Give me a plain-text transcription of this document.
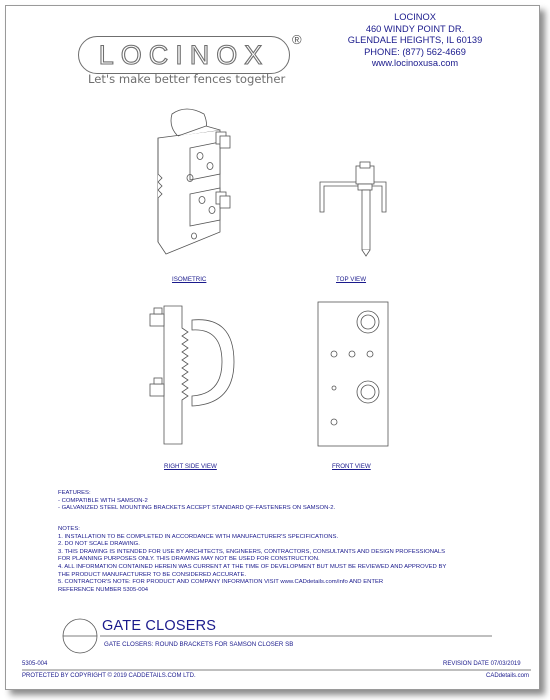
LOCINOX
®
Let's make better fences together
LOCINOX
460 WINDY POINT DR.
GLENDALE HEIGHTS, IL 60139
PHONE: (877) 562-4669
www.locinoxusa.com
ISOMETRIC	TOP VIEW
RIGHT SIDE VIEW	FRONT VIEW
FEATURES:
- COMPATIBLE WITH SAMSON-2
- GALVANIZED STEEL MOUNTING BRACKETS ACCEPT STANDARD QF-FASTENERS ON SAMSON-2.
NOTES:
1. INSTALLATION TO BE COMPLETED IN ACCORDANCE WITH MANUFACTURER'S SPECIFICATIONS.
2. DO NOT SCALE DRAWING.
3. THIS DRAWING IS INTENDED FOR USE BY ARCHITECTS, ENGINEERS, CONTRACTORS, CONSULTANTS AND DESIGN PROFESSIONALS
FOR PLANNING PURPOSES ONLY. THIS DRAWING MAY NOT BE USED FOR CONSTRUCTION.
4. ALL INFORMATION CONTAINED HEREIN WAS CURRENT AT THE TIME OF DEVELOPMENT BUT MUST BE REVIEWED AND APPROVED BY
THE PRODUCT MANUFACTURER TO BE CONSIDERED ACCURATE.
5. CONTRACTOR'S NOTE: FOR PRODUCT AND COMPANY INFORMATION VISIT www.CADdetails.com/info AND ENTER
REFERENCE NUMBER 5305-004
GATE CLOSERS
GATE CLOSERS: ROUND BRACKETS FOR SAMSON CLOSER SB
5305-004	REVISION DATE 07/03/2019
PROTECTED BY COPYRIGHT © 2019 CADDETAILS.COM LTD.	CADdetails.com
